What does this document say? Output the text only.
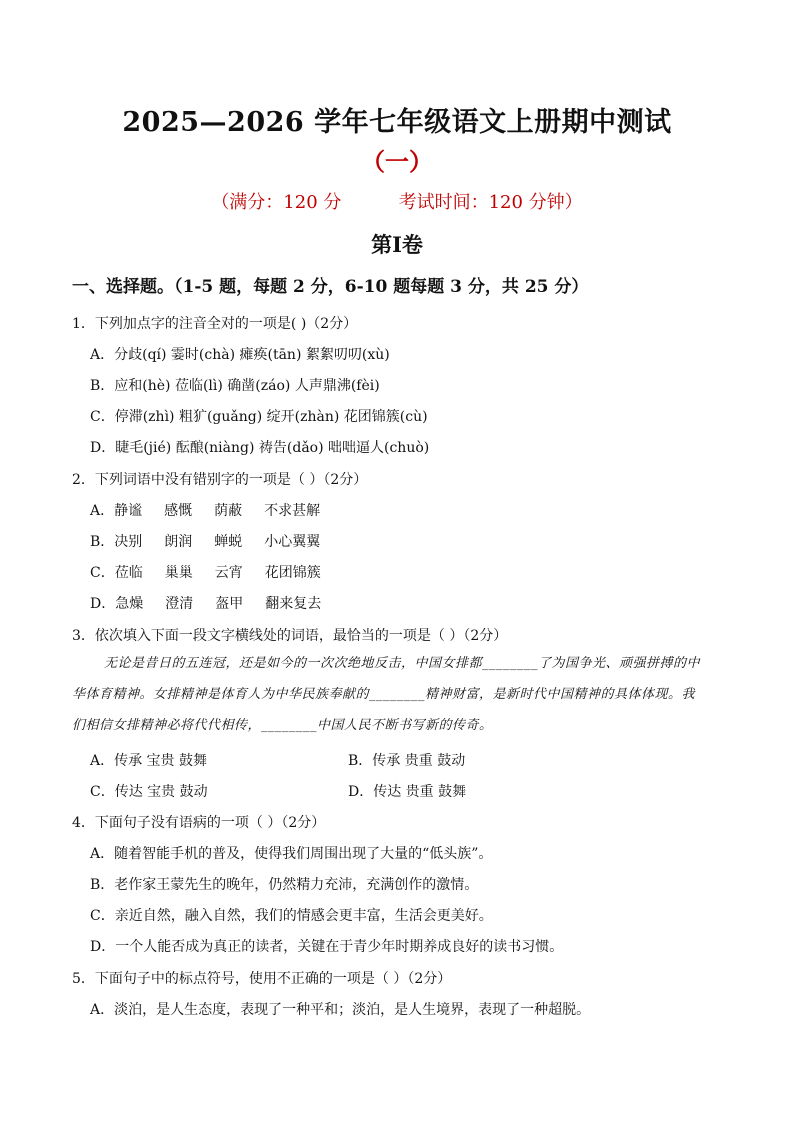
2025—2026 学年七年级语文上册期中测试
（一）
（满分：120 分	考试时间：120 分钟）
第Ⅰ卷
一、选择题。（1-5 题，每题 2 分，6-10 题每题 3 分，共 25 分）
1．下列加点字的注音全对的一项是( )（2分）
A．分歧(qí) 霎时(chà) 瘫痪(tān) 絮絮叨叨(xù)
B．应和(hè) 莅临(lì) 确凿(záo) 人声鼎沸(fèi)
C．停滞(zhì) 粗犷(guǎng) 绽开(zhàn) 花团锦簇(cù)
D．睫毛(jié) 酝酿(niàng) 祷告(dǎo) 咄咄逼人(chuò)
2．下列词语中没有错别字的一项是（ ）（2分）
A．静谧 感慨 荫蔽 不求甚解
B．决别 朗润 蝉蜕 小心翼翼
C．莅临 巢巢 云宵 花团锦簇
D．急燥 澄清 盔甲 翻来复去
3．依次填入下面一段文字横线处的词语，最恰当的一项是（ ）（2分）
无论是昔日的五连冠，还是如今的一次次绝地反击，中国女排都________了为国争光、顽强拼搏的中
华体育精神。女排精神是体育人为中华民族奉献的________精神财富，是新时代中国精神的具体体现。我
们相信女排精神必将代代相传，________中国人民不断书写新的传奇。
A．传承 宝贵 鼓舞	B．传承 贵重 鼓动
C．传达 宝贵 鼓动	D．传达 贵重 鼓舞
4．下面句子没有语病的一项（ ）（2分）
A．随着智能手机的普及，使得我们周围出现了大量的“低头族”。
B．老作家王蒙先生的晚年，仍然精力充沛，充满创作的激情。
C．亲近自然，融入自然，我们的情感会更丰富，生活会更美好。
D．一个人能否成为真正的读者，关键在于青少年时期养成良好的读书习惯。
5．下面句子中的标点符号，使用不正确的一项是（ ）（2分）
A．淡泊，是人生态度，表现了一种平和；淡泊，是人生境界，表现了一种超脱。
